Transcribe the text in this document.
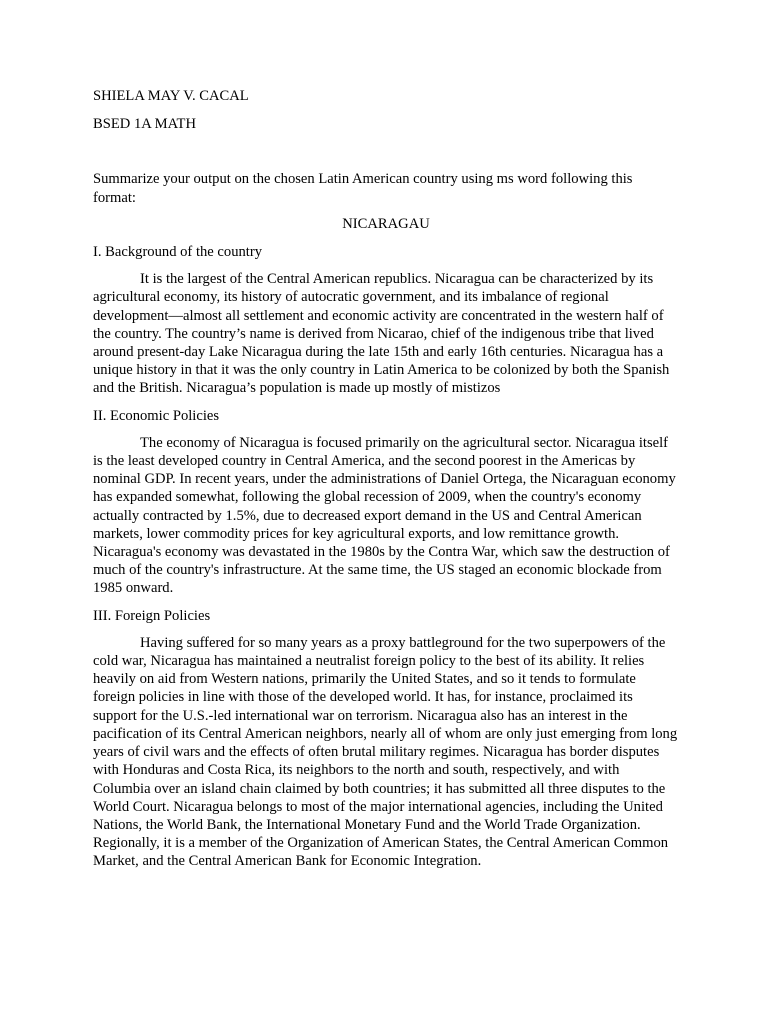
SHIELA MAY V. CACAL

BSED 1A MATH

Summarize your output on the chosen Latin American country using ms word following this format:

NICARAGAU

I. Background of the country

It is the largest of the Central American republics. Nicaragua can be characterized by its agricultural economy, its history of autocratic government, and its imbalance of regional development—almost all settlement and economic activity are concentrated in the western half of the country. The country’s name is derived from Nicarao, chief of the indigenous tribe that lived around present-day Lake Nicaragua during the late 15th and early 16th centuries. Nicaragua has a unique history in that it was the only country in Latin America to be colonized by both the Spanish and the British. Nicaragua’s population is made up mostly of mistizos

II. Economic Policies

The economy of Nicaragua is focused primarily on the agricultural sector. Nicaragua itself is the least developed country in Central America, and the second poorest in the Americas by nominal GDP. In recent years, under the administrations of Daniel Ortega, the Nicaraguan economy has expanded somewhat, following the global recession of 2009, when the country's economy actually contracted by 1.5%, due to decreased export demand in the US and Central American markets, lower commodity prices for key agricultural exports, and low remittance growth. Nicaragua's economy was devastated in the 1980s by the Contra War, which saw the destruction of much of the country's infrastructure. At the same time, the US staged an economic blockade from 1985 onward.

III. Foreign Policies

Having suffered for so many years as a proxy battleground for the two superpowers of the cold war, Nicaragua has maintained a neutralist foreign policy to the best of its ability. It relies heavily on aid from Western nations, primarily the United States, and so it tends to formulate foreign policies in line with those of the developed world. It has, for instance, proclaimed its support for the U.S.-led international war on terrorism. Nicaragua also has an interest in the pacification of its Central American neighbors, nearly all of whom are only just emerging from long years of civil wars and the effects of often brutal military regimes. Nicaragua has border disputes with Honduras and Costa Rica, its neighbors to the north and south, respectively, and with Columbia over an island chain claimed by both countries; it has submitted all three disputes to the World Court. Nicaragua belongs to most of the major international agencies, including the United Nations, the World Bank, the International Monetary Fund and the World Trade Organization. Regionally, it is a member of the Organization of American States, the Central American Common Market, and the Central American Bank for Economic Integration.
